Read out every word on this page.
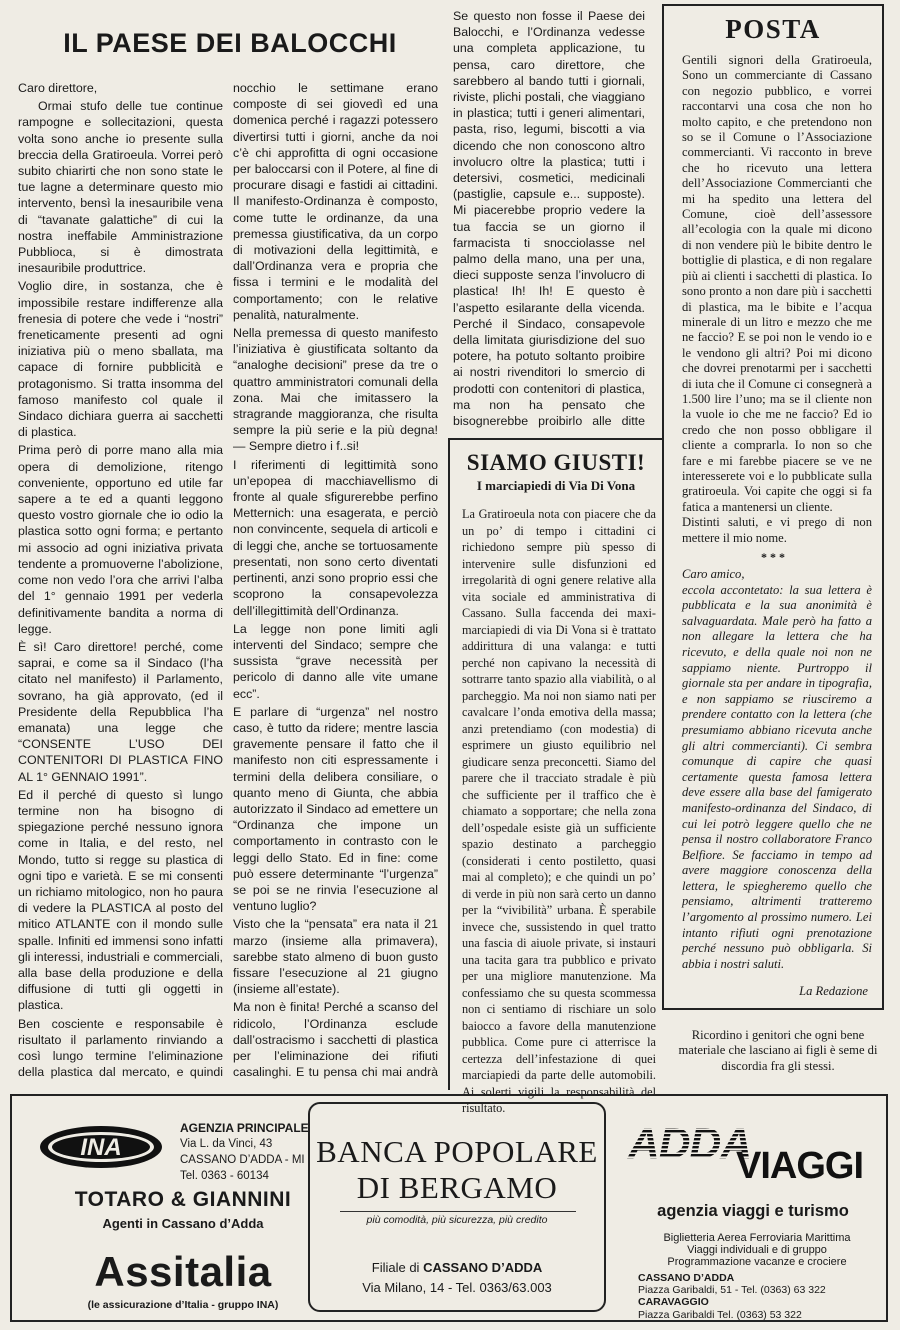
IL PAESE DEI BALOCCHI

Caro direttore,

Ormai stufo delle tue continue rampogne e sollecitazioni, questa volta sono anche io presente sulla breccia della Gratiroeula. Vorrei però subito chiarirti che non sono state le tue lagne a determinare questo mio intervento, bensì la inesauribile vena di “tavanate galattiche” di cui la nostra ineffabile Amministrazione Pubblioca, si è dimostrata inesauribile produttrice.

Voglio dire, in sostanza, che è impossibile restare indifferenze alla frenesia di potere che vede i “nostri” freneticamente presenti ad ogni iniziativa più o meno sballata, ma capace di fornire pubblicità e protagonismo. Si tratta insomma del famoso manifesto col quale il Sindaco dichiara guerra ai sacchetti di plastica.

Prima però di porre mano alla mia opera di demolizione, ritengo conveniente, opportuno ed utile far sapere a te ed a quanti leggono questo vostro giornale che io odio la plastica sotto ogni forma; e pertanto mi associo ad ogni iniziativa privata tendente a promuoverne l’abolizione, come non vedo l’ora che arrivi l’alba del 1° gennaio 1991 per vederla definitivamente bandita a norma di legge.

È sì! Caro direttore! perché, come saprai, e come sa il Sindaco (l’ha citato nel manifesto) il Parlamento, sovrano, ha già approvato, (ed il Presidente della Repubblica l’ha emanata) una legge che “CONSENTE L’USO DEI CONTENITORI DI PLASTICA FINO AL 1° GENNAIO 1991”.

Ed il perché di questo sì lungo termine non ha bisogno di spiegazione perché nessuno ignora come in Italia, e del resto, nel Mondo, tutto si regge su plastica di ogni tipo e varietà. E se mi consenti un richiamo mitologico, non ho paura di vedere la PLASTICA al posto del mitico ATLANTE con il mondo sulle spalle. Infiniti ed immensi sono infatti gli interessi, industriali e commerciali, alla base della produzione e della diffusione di tutti gli oggetti in plastica.

Ben cosciente e responsabile è risultato il parlamento rinviando a così lungo termine l’eliminazione della plastica dal mercato, e quindi

nocchio le settimane erano composte di sei giovedì ed una domenica perché i ragazzi potessero divertirsi tutti i giorni, anche da noi c’è chi approfitta di ogni occasione per baloccarsi con il Potere, al fine di procurare disagi e fastidi ai cittadini. Il manifesto-Ordinanza è composto, come tutte le ordinanze, da una premessa giustificativa, da un corpo di motivazioni della legittimità, e dall’Ordinanza vera e propria che fissa i termini e le modalità del comportamento; con le relative penalità, naturalmente.

Nella premessa di questo manifesto l’iniziativa è giustificata soltanto da “analoghe decisioni” prese da tre o quattro amministratori comunali della zona. Mai che imitassero la stragrande maggioranza, che risulta sempre la più serie e la più degna! — Sempre dietro i f..si!

I riferimenti di legittimità sono un’epopea di macchiavellismo di fronte al quale sfigurerebbe perfino Metternich: una esagerata, e perciò non convincente, sequela di articoli e di leggi che, anche se tortuosamente presentati, non sono certo diventati pertinenti, anzi sono proprio essi che scoprono la consapevolezza dell’illegittimità dell’Ordinanza.

La legge non pone limiti agli interventi del Sindaco; sempre che sussista “grave necessità per pericolo di danno alle vite umane ecc”.

E parlare di “urgenza” nel nostro caso, è tutto da ridere; mentre lascia gravemente pensare il fatto che il manifesto non citi espressamente i termini della delibera consiliare, o quanto meno di Giunta, che abbia autorizzato il Sindaco ad emettere un “Ordinanza che impone un comportamento in contrasto con le leggi dello Stato. Ed in fine: come può essere determinante “l’urgenza” se poi se ne rinvia l’esecuzione al ventuno luglio?

Visto che la “pensata” era nata il 21 marzo (insieme alla primavera), sarebbe stato almeno di buon gusto fissare l’esecuzione al 21 giugno (insieme all’estate).

Ma non è finita! Perché a scanso del ridicolo, l’Ordinanza esclude dall’ostracismo i sacchetti di plastica per l’eliminazione dei rifiuti casalinghi. E tu pensa chi mai andrà

Se questo non fosse il Paese dei Balocchi, e l’Ordinanza vedesse una completa applicazione, tu pensa, caro direttore, che sarebbero al bando tutti i giornali, riviste, plichi postali, che viaggiano in plastica; tutti i generi alimentari, pasta, riso, legumi, biscotti a via dicendo che non conoscono altro involucro oltre la plastica; tutti i detersivi, cosmetici, medicinali (pastiglie, capsule e... supposte). Mi piacerebbe proprio vedere la tua faccia se un giorno il farmacista ti snocciolasse nel palmo della mano, una per una, dieci supposte senza l’involucro di plastica! Ih! Ih! E questo è l’aspetto esilarante della vicenda. Perché il Sindaco, consapevole della limitata giurisdizione del suo potere, ha potuto soltanto proibire ai nostri rivenditori lo smercio di prodotti con contenitori di plastica, ma non ha pensato che bisognerebbe proibirlo alle ditte

SIAMO GIUSTI!
I marciapiedi di Via Di Vona

La Gratiroeula nota con piacere che da un po’ di tempo i cittadini ci richiedono sempre più spesso di intervenire sulle disfunzioni ed irregolarità di ogni genere relative alla vita sociale ed amministrativa di Cassano. Sulla faccenda dei maxi-marciapiedi di via Di Vona si è trattato addirittura di una valanga: e tutti perché non capivano la necessità di sottrarre tanto spazio alla viabilità, o al parcheggio. Ma noi non siamo nati per cavalcare l’onda emotiva della massa; anzi pretendiamo (con modestia) di esprimere un giusto equilibrio nel giudicare senza preconcetti. Siamo del parere che il tracciato stradale è più che sufficiente per il traffico che è chiamato a sopportare; che nella zona dell’ospedale esiste già un sufficiente spazio destinato a parcheggio (considerati i cento postiletto, quasi mai al completo); e che quindi un po’ di verde in più non sarà certo un danno per la “vivibilità” urbana. È sperabile invece che, sussistendo in quel tratto una fascia di aiuole private, si instauri una tacita gara tra pubblico e privato per una migliore manutenzione. Ma confessiamo che su questa scommessa non ci sentiamo di rischiare un solo baiocco a favore della manutenzione pubblica. Come pure ci atterrisce la certezza dell’infestazione di quei marciapiedi da parte delle automobili. Ai solerti vigili la responsabilità del risultato.

POSTA

Gentili signori della Gratiroeula, Sono un commerciante di Cassano con negozio pubblico, e vorrei raccontarvi una cosa che non ho molto capito, e che pretendono non so se il Comune o l’Associazione commercianti. Vi racconto in breve che ho ricevuto una lettera dell’Associazione Commercianti che mi ha spedito una lettera del Comune, cioè dell’assessore all’ecologia con la quale mi dicono di non vendere più le bibite dentro le bottiglie di plastica, e di non regalare più ai clienti i sacchetti di plastica. Io sono pronto a non dare più i sacchetti di plastica, ma le bibite e l’acqua minerale di un litro e mezzo che me ne faccio? E se poi non le vendo io e le vendono gli altri? Poi mi dicono che dovrei prenotarmi per i sacchetti di iuta che il Comune ci consegnerà a 1.500 lire l’uno; ma se il cliente non la vuole io che me ne faccio? Ed io credo che non posso obbligare il cliente a comprarla. Io non so che fare e mi farebbe piacere se ve ne interesserete voi e lo pubblicate sulla gratiroeula. Voi capite che oggi si fa fatica a mantenersi un cliente.

Distinti saluti, e vi prego di non mettere il mio nome.

* * *

Caro amico,

eccola accontetato: la sua lettera è pubblicata e la sua anonimità è salvaguardata. Male però ha fatto a non allegare la lettera che ha ricevuto, e della quale noi non ne sappiamo niente. Purtroppo il giornale sta per andare in tipografia, e non sappiamo se riusciremo a prendere contatto con la lettera (che presumiamo abbiano ricevuta anche gli altri commercianti). Ci sembra comunque di capire che quasi certamente questa famosa lettera deve essere alla base del famigerato manifesto-ordinanza del Sindaco, di cui lei potrò leggere quello che ne pensa il nostro collaboratore Franco Belfiore. Se facciamo in tempo ad avere maggiore conoscenza della lettera, le spiegheremo quello che pensiamo, altrimenti tratteremo l’argomento al prossimo numero. Lei intanto rifiuti ogni prenotazione perché nessuno può obbligarla. Si abbia i nostri saluti.

La Redazione
Ricordino i genitori che ogni bene materiale che lasciano ai figli è seme di discordia fra gli stessi.
INA
AGENZIA PRINCIPALE
Via L. da Vinci, 43
CASSANO D’ADDA - MI
Tel. 0363 - 60134
TOTARO & GIANNINI
Agenti in Cassano d’Adda
Assitalia
(le assicurazione d’Italia - gruppo INA)
BANCA POPOLARE
DI BERGAMO
più comodità, più sicurezza, più credito
Filiale di CASSANO D’ADDA
Via Milano, 14 - Tel. 0363/63.003
ADDA
VIAGGI
agenzia viaggi e turismo
Biglietteria Aerea Ferroviaria Marittima
Viaggi individuali e di gruppo
Programmazione vacanze e crociere
CASSANO D’ADDA
Piazza Garibaldi, 51 - Tel. (0363) 63 322
CARAVAGGIO
Piazza Garibaldi Tel. (0363) 53 322
